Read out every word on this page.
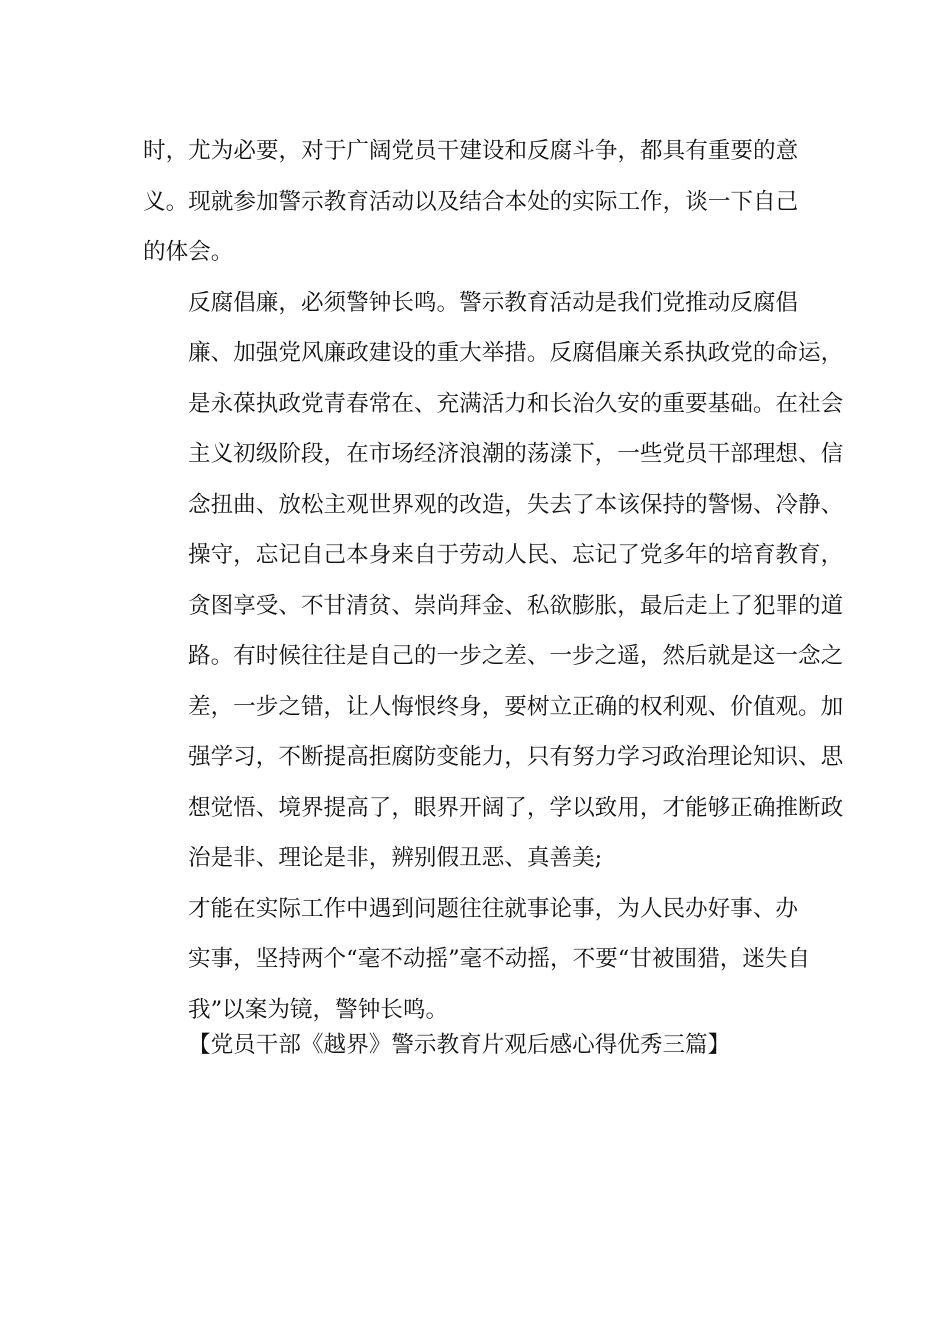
时，尤为必要，对于广阔党员干建设和反腐斗争，都具有重要的意
义。现就参加警示教育活动以及结合本处的实际工作，谈一下自己
的体会。

反腐倡廉，必须警钟长鸣。警示教育活动是我们党推动反腐倡
廉、加强党风廉政建设的重大举措。反腐倡廉关系执政党的命运，
是永葆执政党青春常在、充满活力和长治久安的重要基础。在社会
主义初级阶段，在市场经济浪潮的荡漾下，一些党员干部理想、信
念扭曲、放松主观世界观的改造，失去了本该保持的警惕、冷静、
操守，忘记自己本身来自于劳动人民、忘记了党多年的培育教育，
贪图享受、不甘清贫、崇尚拜金、私欲膨胀，最后走上了犯罪的道
路。有时候往往是自己的一步之差、一步之遥，然后就是这一念之
差，一步之错，让人悔恨终身，要树立正确的权利观、价值观。加
强学习，不断提高拒腐防变能力，只有努力学习政治理论知识、思
想觉悟、境界提高了，眼界开阔了，学以致用，才能够正确推断政
治是非、理论是非，辨别假丑恶、真善美;

才能在实际工作中遇到问题往往就事论事，为人民办好事、办
实事，坚持两个“毫不动摇”毫不动摇，不要“甘被围猎，迷失自
我”以案为镜，警钟长鸣。

【党员干部《越界》警示教育片观后感心得优秀三篇】
